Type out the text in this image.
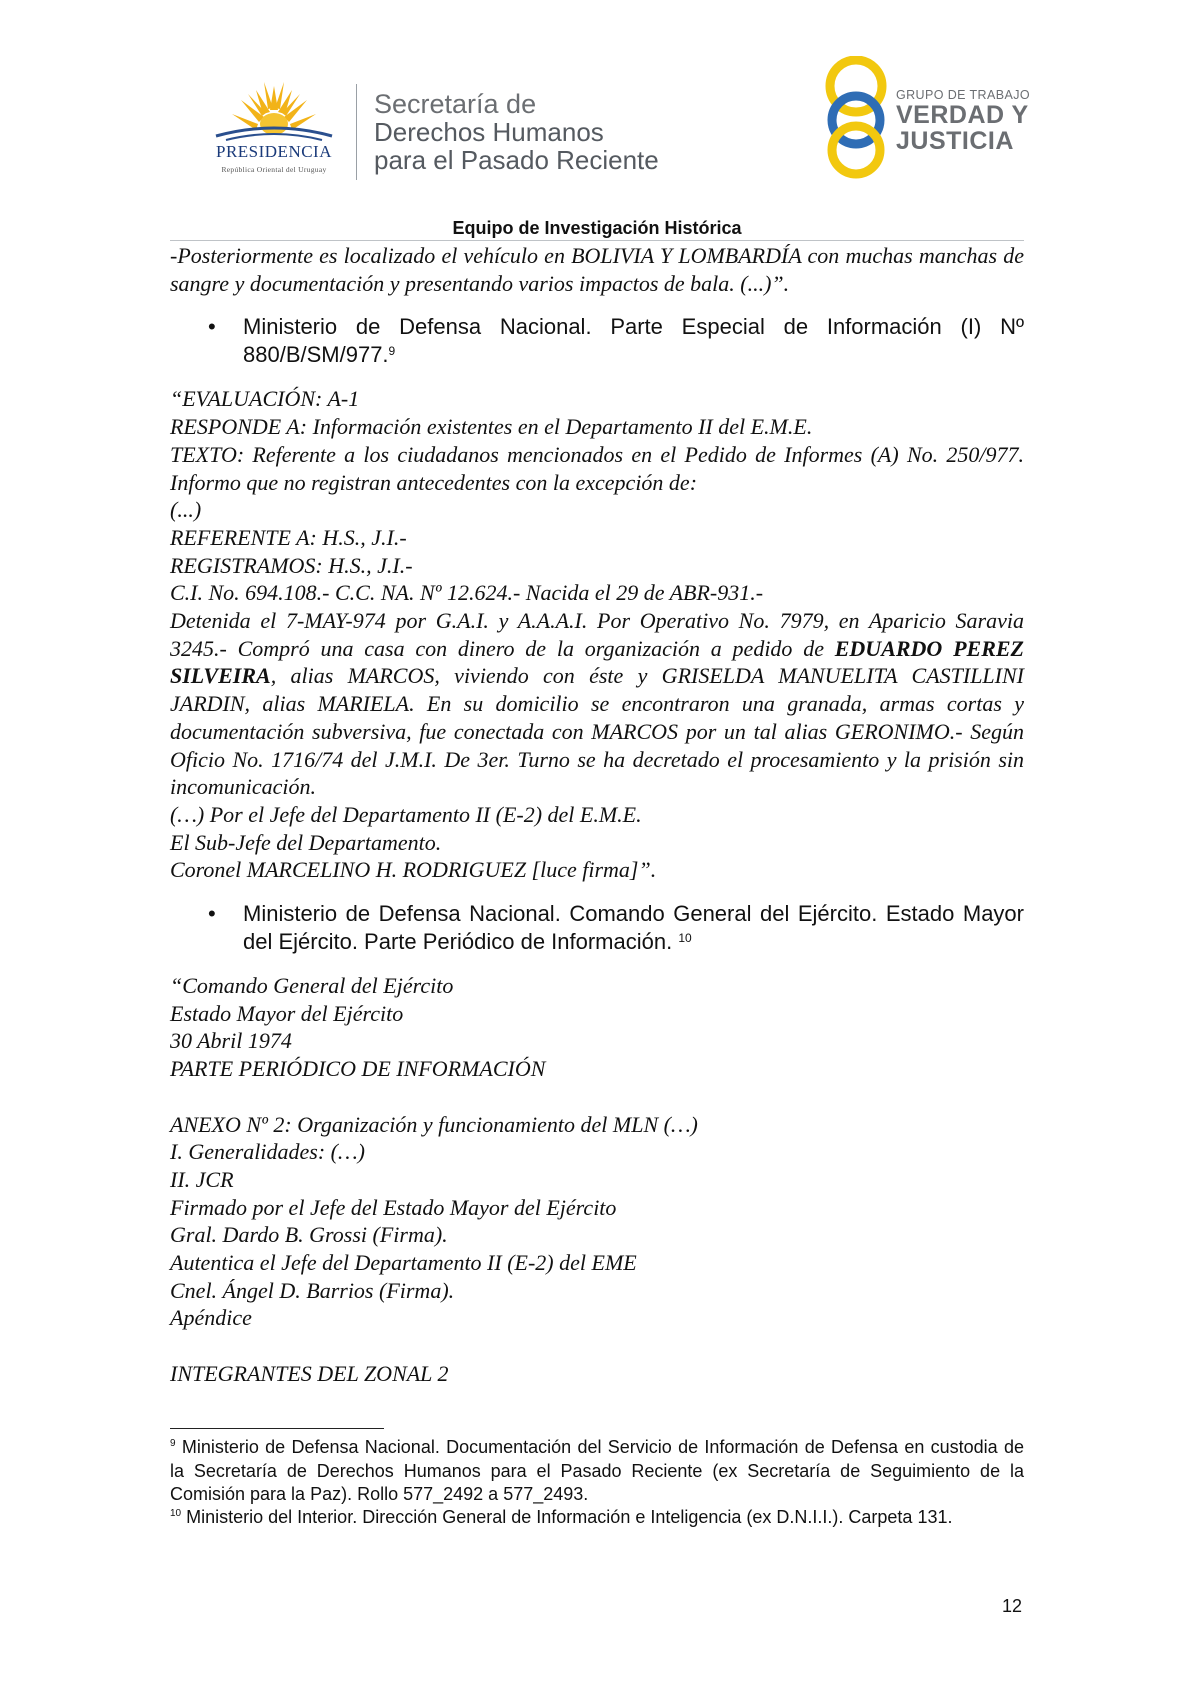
PRESIDENCIA
República Oriental del Uruguay
Secretaría de
Derechos Humanos
para el Pasado Reciente
GRUPO DE TRABAJO
VERDAD Y
JUSTICIA
Equipo de Investigación Histórica

-Posteriormente es localizado el vehículo en BOLIVIA Y LOMBARDÍA con muchas manchas de sangre y documentación y presentando varios impactos de bala. (...)”.

• Ministerio de Defensa Nacional. Parte Especial de Información (I) Nº 880/B/SM/977.$^9$

“EVALUACIÓN: A-1

RESPONDE A: Información existentes en el Departamento II del E.M.E.

TEXTO: Referente a los ciudadanos mencionados en el Pedido de Informes (A) No. 250/977. Informo que no registran antecedentes con la excepción de:

(...)

REFERENTE A: H.S., J.I.-

REGISTRAMOS: H.S., J.I.-

C.I. No. 694.108.- C.C. NA. Nº 12.624.- Nacida el 29 de ABR-931.-

Detenida el 7-MAY-974 por G.A.I. y A.A.A.I. Por Operativo No. 7979, en Aparicio Saravia 3245.- Compró una casa con dinero de la organización a pedido de EDUARDO PEREZ SILVEIRA, alias MARCOS, viviendo con éste y GRISELDA MANUELITA CASTILLINI JARDIN, alias MARIELA. En su domicilio se encontraron una granada, armas cortas y documentación subversiva, fue conectada con MARCOS por un tal alias GERONIMO.- Según Oficio No. 1716/74 del J.M.I. De 3er. Turno se ha decretado el procesamiento y la prisión sin incomunicación.

(…) Por el Jefe del Departamento II (E-2) del E.M.E.

El Sub-Jefe del Departamento.

Coronel MARCELINO H. RODRIGUEZ [luce firma]”.

• Ministerio de Defensa Nacional. Comando General del Ejército. Estado Mayor del Ejército. Parte Periódico de Información. $^{10}$

“Comando General del Ejército

Estado Mayor del Ejército

30 Abril 1974

PARTE PERIÓDICO DE INFORMACIÓN

ANEXO Nº 2: Organización y funcionamiento del MLN (…)

I. Generalidades: (…)

II. JCR

Firmado por el Jefe del Estado Mayor del Ejército

Gral. Dardo B. Grossi (Firma).

Autentica el Jefe del Departamento II (E-2) del EME

Cnel. Ángel D. Barrios (Firma).

Apéndice

INTEGRANTES DEL ZONAL 2

$^9$ Ministerio de Defensa Nacional. Documentación del Servicio de Información de Defensa en custodia de la Secretaría de Derechos Humanos para el Pasado Reciente (ex Secretaría de Seguimiento de la Comisión para la Paz). Rollo 577_2492 a 577_2493.

$^{10}$ Ministerio del Interior. Dirección General de Información e Inteligencia (ex D.N.I.I.). Carpeta 131.

12
